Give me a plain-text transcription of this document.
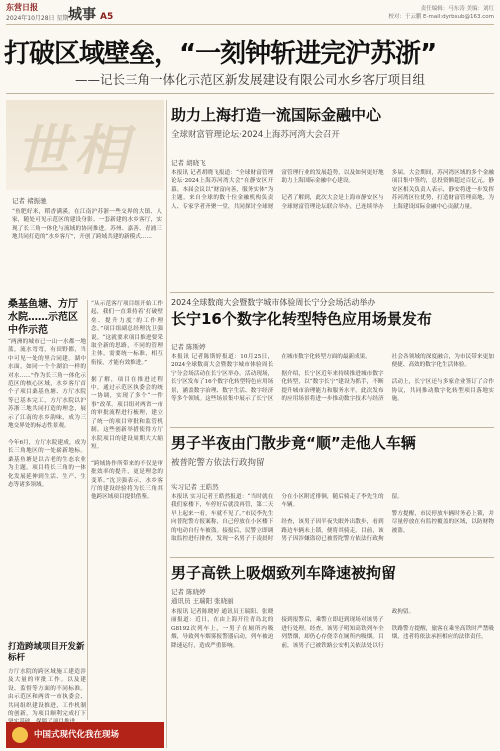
东营日报
2024年10月28日 星期一
城事 A5
责任编辑：马东涛 美编：刘红
校对：于云鹏 E-mail:dyrbsub@163.com
打破区域壁垒，“一刻钟斩进完沪苏浙”
——记长三角一体化示范区新发展建设有限公司水乡客厅项目组
世相
记者 褚振驰
“鱼肥好米，稻香满溪。在江南沪苏浙一些交界的大镇、人家，随处可见示范区的建设身影。一套新建的水乡客厅，实现了长三角一体化与流域的协同推进。苏州、嘉善、青浦三地共同打造的“水乡客厅”，开创了跨域共建的新模式……
桑基鱼塘、方厅水院……示范区中作示范
“两洲的城市已一山一水都一地蓝，流水弯弯，有田野都，当中可见一处的里合同建。湖中水面，如同一个个湖泊一样的对水……”作为长三角一体化示范区的核心区域，水乡客厅首个子项目桑基鱼塘、方厅水院等已基本完工，方厅水院以沪苏浙三地共同打造的理念，展示了江南的水乡韵味，成为三地交界处的标志性景观。

今年6月，方厅水院建成，成为长三角地区的一处崭新地标。桑基鱼塘是以古老的生态农业为主题，项目将长三角的一体化发展延伸到生活、生产、生态等诸多领域。
打造跨域项目开发新标杆
方厅水院的跨区域施工建造涉及大量的审批工作。以及建设、监督等方面的不同标准。由示范区和两省一市执委会、共同组织建设推进，工作机制的创新，为项目顺利完成打下
“从示范客厅项目组开始工作起，我们一直秉持着‘打破壁垒、提升力度’的工作理念。”项目组副总经理沈卫强说。“这就要求项目推进要采取全新的思路，不同的管理主体，需要统一标准，相互衔接，才能有效推进。”

据了解，项目在推进过程中，通过示范区执委会的统一协调，实现了多个“一件事”改革。项目组对两省一市的审批流程进行梳理，建立了统一的项目审批和监管机制。这些创新举措使得方厅水院项目的建设周期大大缩短。

“跨域协作所带来的不仅是审批效率的提升，更是理念的变革。”沈卫强表示，水乡客厅的建设经验将为长三角其他跨区域项目提供借鉴。
助力上海打造一流国际金融中心
全球财富管理论坛·2024上海苏河湾大会召开
记者 胡晓飞
本报讯 记者胡晓飞报道：“全球财富管理论坛·2024上海苏河湾大会”在静安区开幕。本届会议以“财富向善，服务实体”为主题，来自全球的数十位金融机构负责人、专家学者齐聚一堂，共同探讨全球财富管理行业的发展趋势，以及如何更好地助力上海国际金融中心建设。

记者了解到，此次大会是上海市静安区与全球财富管理论坛联合举办，已连续举办多届。大会期间，苏河湾区域的多个金融项目集中签约，总投资额超过百亿元。静安区相关负责人表示，静安将进一步发挥苏河湾区位优势，打造财富管理高地，为上海建设国际金融中心贡献力量。
2024全球数商大会暨数字城市体验周长宁分会场活动举办
长宁16个数字化转型特色应用场景发布
记者 陈斯婷
本报讯 记者陈斯婷报道：10月25日，2024全球数商大会暨数字城市体验周长宁分会场活动在长宁区举办。活动现场，长宁区发布了16个数字化转型特色应用场景，涵盖数字治理、数字生活、数字经济等多个领域。这些场景集中展示了长宁区在城市数字化转型方面的最新成果。

据介绍，长宁区近年来持续推进城市数字化转型，以“数字长宁”建设为抓手，不断提升城市治理能力和服务水平。此次发布的应用场景将进一步推动数字技术与经济社会各领域的深度融合，为市民带来更加便捷、高效的数字化生活体验。

活动上，长宁区还与多家企业签订了合作协议，共同推动数字化转型项目落地实施。
男子半夜由门散步竟“顺”走他人车辆
被普陀警方依法行政拘留
实习记者 王皓然
本报讯 实习记者王皓然报道：“当时就在我们家楼下，车停好后就没再管，第二天早上起来一看，车就不见了。”市民李先生向普陀警方报案称，自己停放在小区楼下的电动自行车被盗。接报后，民警立即调取监控进行排查，发现一名男子于凌晨时分在小区附近徘徊，随后骑走了李先生的车辆。

经查，该男子因半夜失眠外出散步，看到路边车辆未上锁，便将其骑走。目前，该男子因涉嫌盗窃已被普陀警方依法行政拘留。

警方提醒，市民停放车辆时务必上锁，并尽量停放在有监控覆盖的区域，以防财物被盗。
男子高铁上吸烟致列车降速被拘留
记者 陈晓婷
通讯员 王瑞阳 张晓丽
本报讯 记者陈晓婷 通讯员王瑞阳、张晓丽报道：近日，在由上海开往青岛北的G8192次列车上，一男子在厕所内吸烟，导致列车烟雾报警器启动，列车被迫降速运行，造成严重影响。

接到报警后，乘警立即赶到现场对该男子进行处理。经查，该男子明知高铁列车全列禁烟，却仍心存侥幸在厕所内吸烟。目前，该男子已被铁路公安机关依法处以行政拘留。

铁路警方提醒，旅客在乘坐高铁时严禁吸烟，违者将依法承担相应的法律责任。
中国式现代化我在现场
